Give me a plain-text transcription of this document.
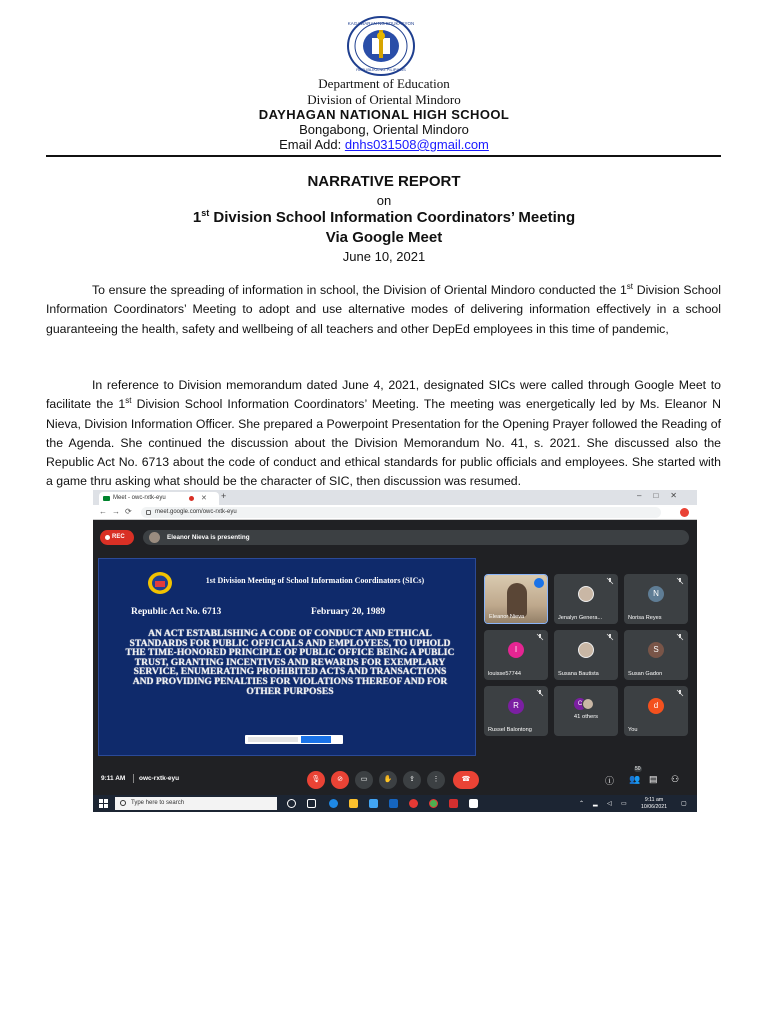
KAGAWARAN NG EDUKASYON
REPUBLIKA NG PILIPINAS
Department of Education
Division of Oriental Mindoro
DAYHAGAN NATIONAL HIGH SCHOOL
Bongabong, Oriental Mindoro
Email Add: dnhs031508@gmail.com
NARRATIVE REPORT
on
1st Division School Information Coordinators’ Meeting
Via Google Meet
June 10, 2021
To ensure the spreading of information in school, the Division of Oriental Mindoro conducted the 1st Division School Information Coordinators’ Meeting to adopt and use alternative modes of delivering information effectively in a school guaranteeing the health, safety and wellbeing of all teachers and other DepEd employees in this time of pandemic,
In reference to Division memorandum dated June 4, 2021, designated SICs were called through Google Meet to facilitate the 1st Division School Information Coordinators’ Meeting. The meeting was energetically led by Ms. Eleanor N Nieva, Division Information Officer. She prepared a Powerpoint Presentation for the Opening Prayer followed the Reading of the Agenda. She continued the discussion about the Division Memorandum No. 41, s. 2021. She discussed also the Republic Act No. 6713 about the code of conduct and ethical standards for public officials and employees. She started with a game thru asking what should be the character of SIC, then discussion was resumed.
Meet - owc-rxtk-eyu	✕ +	–□✕
←→⟳	meet.google.com/owc-rxtk-eyu
REC	Eleanor Nieva is presenting
1st Division Meeting of School Information Coordinators (SICs)
Republic Act No. 6713	February 20, 1989
AN ACT ESTABLISHING A CODE OF CONDUCT AND ETHICAL STANDARDS FOR PUBLIC OFFICIALS AND EMPLOYEES, TO UPHOLD THE TIME-HONORED PRINCIPLE OF PUBLIC OFFICE BEING A PUBLIC TRUST, GRANTING INCENTIVES AND REWARDS FOR EXEMPLARY SERVICE, ENUMERATING PROHIBITED ACTS AND TRANSACTIONS AND PROVIDING PENALTIES FOR VIOLATIONS THEREOF AND FOR OTHER PURPOSES
Eleanor Nieva	Jenalyn Genera...
N
Norisa Reyes
l
louisse57744	Susana Bautista
S
Susan Gadon
R
Russel Balontong
C
41 others
d
You
9:11 AM owc-rxtk-eyu	🎙	⊘	▭	✋	⇪	⋮	☎	ⓘ 👥
50
▤ ⚇
Type here to search	⌃ ▂ ◁ ▭
9:11 am
10/06/2021 ▢
